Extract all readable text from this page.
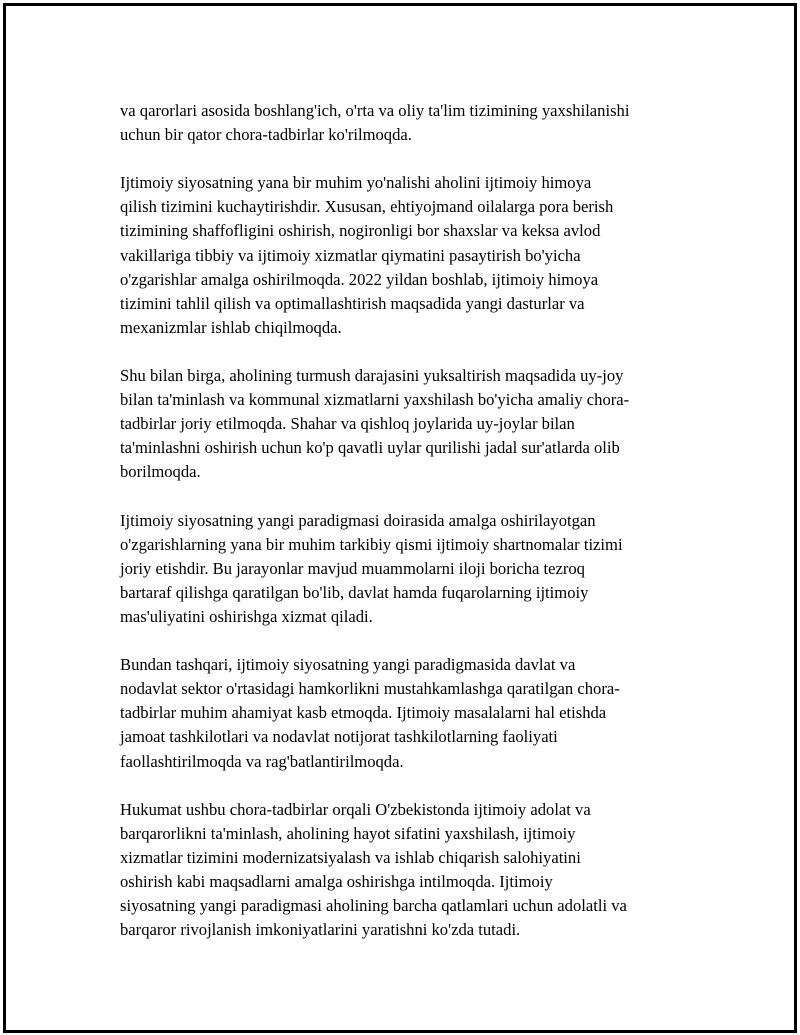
va qarorlari asosida boshlang'ich, o'rta va oliy ta'lim tizimining yaxshilanishi
uchun bir qator chora-tadbirlar ko'rilmoqda.

Ijtimoiy siyosatning yana bir muhim yo'nalishi aholini ijtimoiy himoya
qilish tizimini kuchaytirishdir. Xususan, ehtiyojmand oilalarga pora berish
tizimining shaffofligini oshirish, nogironligi bor shaxslar va keksa avlod
vakillariga tibbiy va ijtimoiy xizmatlar qiymatini pasaytirish bo'yicha
o'zgarishlar amalga oshirilmoqda. 2022 yildan boshlab, ijtimoiy himoya
tizimini tahlil qilish va optimallashtirish maqsadida yangi dasturlar va
mexanizmlar ishlab chiqilmoqda.

Shu bilan birga, aholining turmush darajasini yuksaltirish maqsadida uy-joy
bilan ta'minlash va kommunal xizmatlarni yaxshilash bo'yicha amaliy chora-
tadbirlar joriy etilmoqda. Shahar va qishloq joylarida uy-joylar bilan
ta'minlashni oshirish uchun ko'p qavatli uylar qurilishi jadal sur'atlarda olib
borilmoqda.

Ijtimoiy siyosatning yangi paradigmasi doirasida amalga oshirilayotgan
o'zgarishlarning yana bir muhim tarkibiy qismi ijtimoiy shartnomalar tizimi
joriy etishdir. Bu jarayonlar mavjud muammolarni iloji boricha tezroq
bartaraf qilishga qaratilgan bo'lib, davlat hamda fuqarolarning ijtimoiy
mas'uliyatini oshirishga xizmat qiladi.

Bundan tashqari, ijtimoiy siyosatning yangi paradigmasida davlat va
nodavlat sektor o'rtasidagi hamkorlikni mustahkamlashga qaratilgan chora-
tadbirlar muhim ahamiyat kasb etmoqda. Ijtimoiy masalalarni hal etishda
jamoat tashkilotlari va nodavlat notijorat tashkilotlarning faoliyati
faollashtirilmoqda va rag'batlantirilmoqda.

Hukumat ushbu chora-tadbirlar orqali O'zbekistonda ijtimoiy adolat va
barqarorlikni ta'minlash, aholining hayot sifatini yaxshilash, ijtimoiy
xizmatlar tizimini modernizatsiyalash va ishlab chiqarish salohiyatini
oshirish kabi maqsadlarni amalga oshirishga intilmoqda. Ijtimoiy
siyosatning yangi paradigmasi aholining barcha qatlamlari uchun adolatli va
barqaror rivojlanish imkoniyatlarini yaratishni ko'zda tutadi.
